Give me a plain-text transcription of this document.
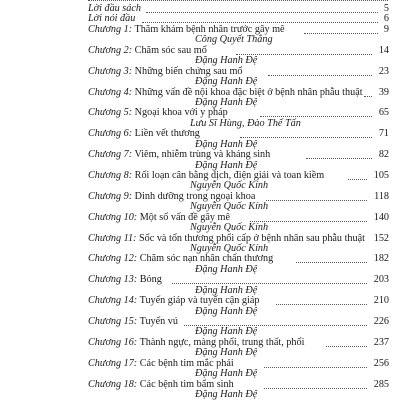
Lời đầu sách	5
Lời nói đầu	6
Chương 1: Thăm khám bệnh nhân trước gây mê	9
Công Quyết Thắng
Chương 2: Chăm sóc sau mổ	14
Đặng Hanh Đệ
Chương 3: Những biến chứng sau mổ	23
Đặng Hanh Đệ
Chương 4: Những vấn đề nội khoa đặc biệt ở bệnh nhân phẫu thuật 39
Đặng Hanh Đệ
Chương 5: Ngoại khoa với y pháp	65
Lưu Sĩ Hùng, Đào Thế Tấn
Chương 6: Liền vết thương	71
Đặng Hanh Đệ
Chương 7: Viêm, nhiễm trùng và kháng sinh	82
Đặng Hanh Đệ
Chương 8: Rối loạn cân bằng dịch, điện giải và toan kiềm	105
Nguyễn Quốc Kính
Chương 9: Dinh dưỡng trong ngoại khoa	118
Nguyễn Quốc Kính
Chương 10: Một số vấn đề gây mê	140
Nguyễn Quốc Kính
Chương 11: Sốc và tổn thương phổi cấp ở bệnh nhân sau phẫu thuật 152
Nguyễn Quốc Kính
Chương 12: Chăm sóc nạn nhân chấn thương	182
Đặng Hanh Đệ
Chương 13: Bỏng	203
Đặng Hanh Đệ
Chương 14: Tuyến giáp và tuyến cận giáp	210
Đặng Hanh Đệ
Chương 15: Tuyến vú	226
Đặng Hanh Đệ
Chương 16: Thành ngực, màng phổi, trung thất, phổi	237
Đặng Hanh Đệ
Chương 17: Các bệnh tim mắc phải	256
Đặng Hanh Đệ
Chương 18: Các bệnh tim bẩm sinh	285
Đặng Hanh Đệ
